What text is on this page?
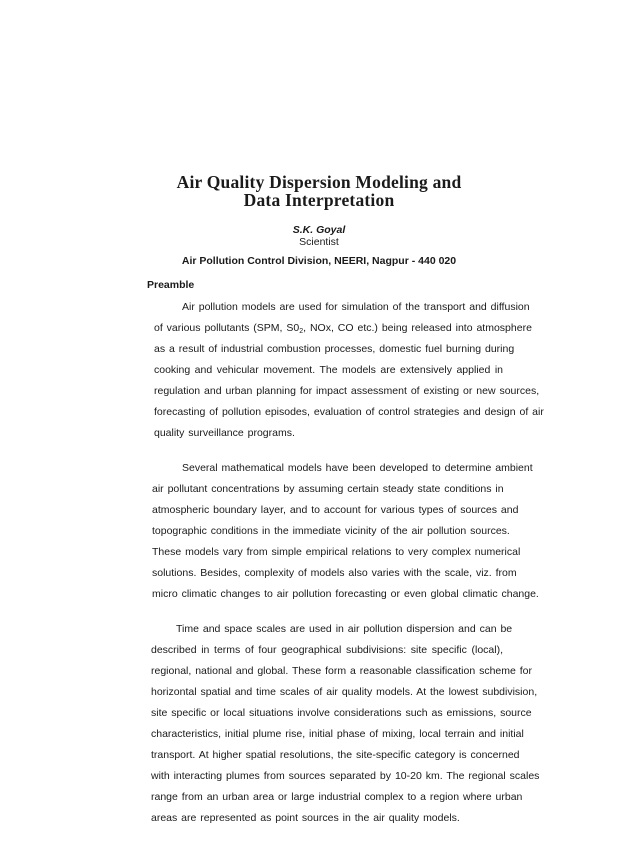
Air Quality Dispersion Modeling and
Data Interpretation
S.K. Goyal
Scientist
Air Pollution Control Division, NEERI, Nagpur - 440 020
Preamble
Air pollution models are used for simulation of the transport and diffusion
of various pollutants (SPM, $S0_2$, NOx, CO etc.) being released into atmosphere
as a result of industrial combustion processes, domestic fuel burning during
cooking and vehicular movement. The models are extensively applied in
regulation and urban planning for impact assessment of existing or new sources,
forecasting of pollution episodes, evaluation of control strategies and design of air
quality surveillance programs.
Several mathematical models have been developed to determine ambient
air pollutant concentrations by assuming certain steady state conditions in
atmospheric boundary layer, and to account for various types of sources and
topographic conditions in the immediate vicinity of the air pollution sources.
These models vary from simple empirical relations to very complex numerical
solutions. Besides, complexity of models also varies with the scale, viz. from
micro climatic changes to air pollution forecasting or even global climatic change.
Time and space scales are used in air pollution dispersion and can be
described in terms of four geographical subdivisions: site specific (local),
regional, national and global. These form a reasonable classification scheme for
horizontal spatial and time scales of air quality models. At the lowest subdivision,
site specific or local situations involve considerations such as emissions, source
characteristics, initial plume rise, initial phase of mixing, local terrain and initial
transport. At higher spatial resolutions, the site-specific category is concerned
with interacting plumes from sources separated by 10-20 km. The regional scales
range from an urban area or large industrial complex to a region where urban
areas are represented as point sources in the air quality models.
